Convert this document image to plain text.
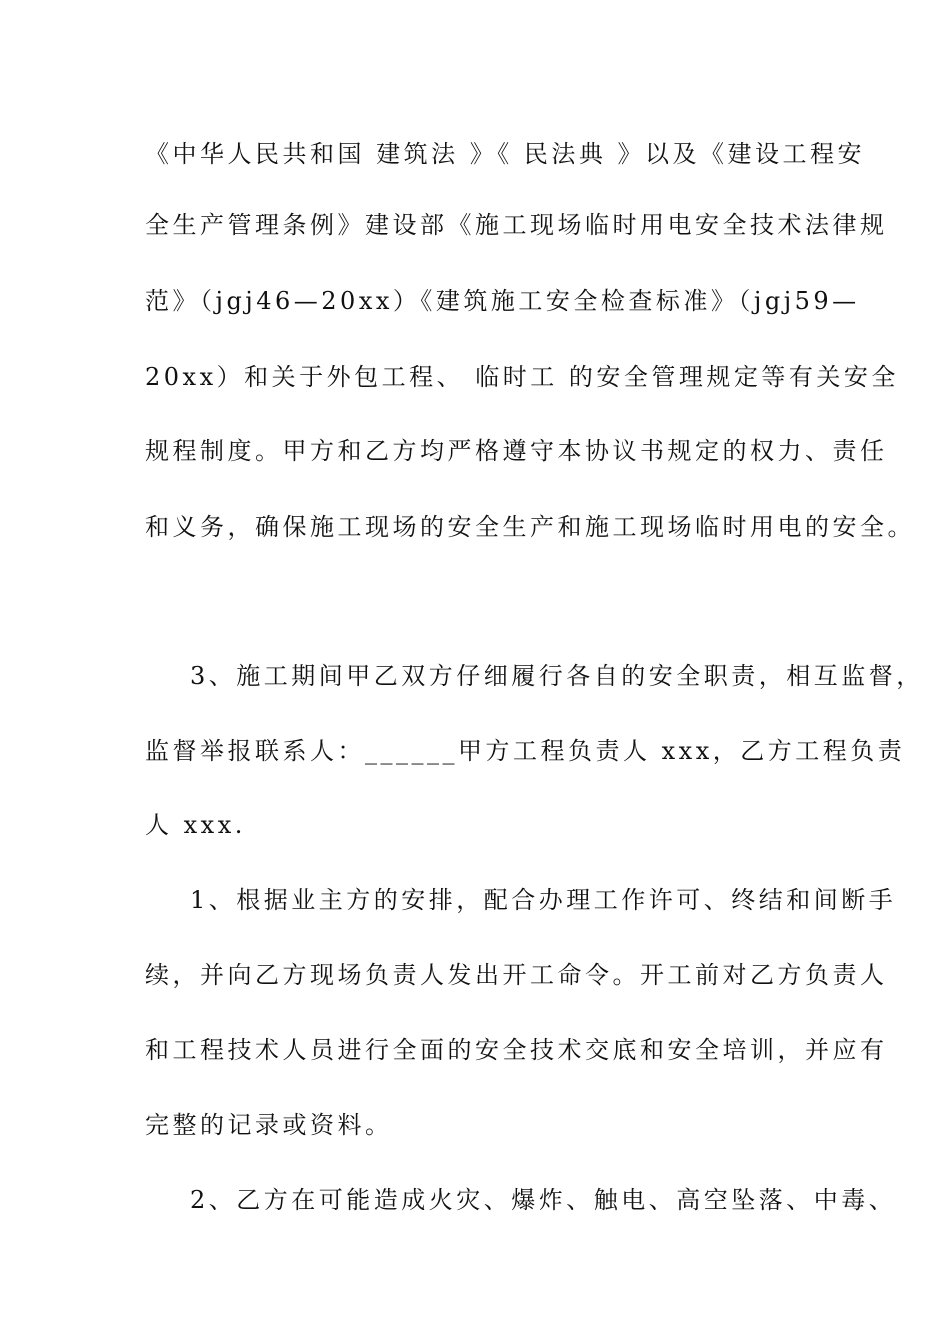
《中华人民共和国 建筑法 》《 民法典 》以及《建设工程安
全生产管理条例》建设部《施工现场临时用电安全技术法律规
范》（jgj46—20xx）《建筑施工安全检查标准》（jgj59—
20xx）和关于外包工程、 临时工 的安全管理规定等有关安全
规程制度。甲方和乙方均严格遵守本协议书规定的权力、责任
和义务，确保施工现场的安全生产和施工现场临时用电的安全。
3、施工期间甲乙双方仔细履行各自的安全职责，相互监督，
监督举报联系人：______甲方工程负责人 xxx，乙方工程负责
人 xxx.
1、根据业主方的安排，配合办理工作许可、终结和间断手
续，并向乙方现场负责人发出开工命令。开工前对乙方负责人
和工程技术人员进行全面的安全技术交底和安全培训，并应有
完整的记录或资料。
2、乙方在可能造成火灾、爆炸、触电、高空坠落、中毒、
